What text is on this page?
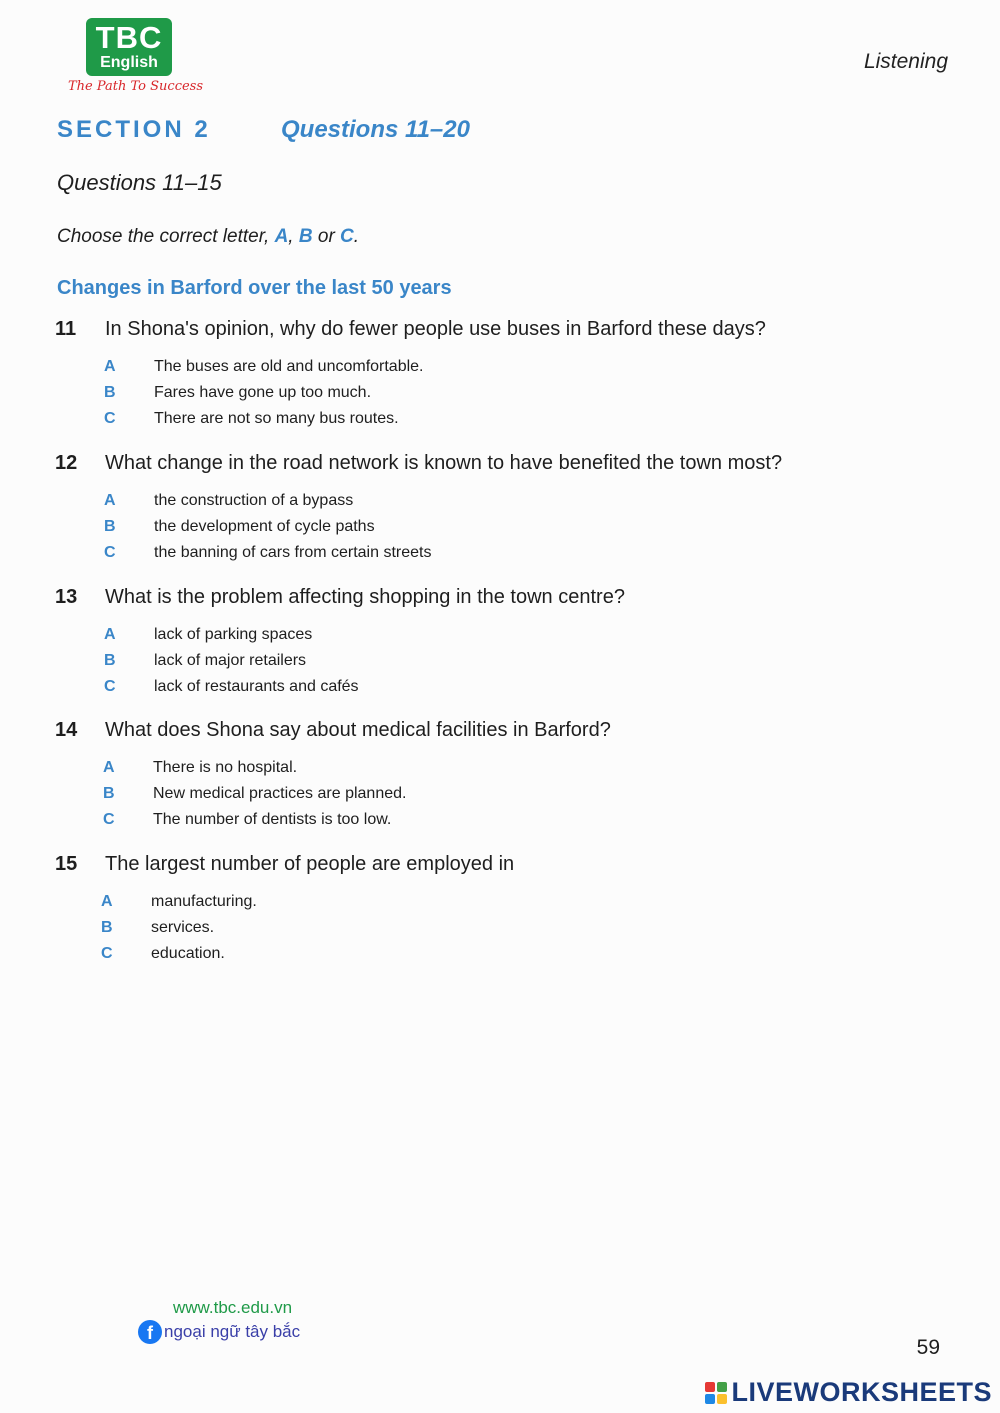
TBC
English
The Path To Success
Listening
SECTION 2	Questions 11–20
Questions 11–15
Choose the correct letter, A, B or C.
Changes in Barford over the last 50 years
11 In Shona's opinion, why do fewer people use buses in Barford these days?
A The buses are old and uncomfortable.
B Fares have gone up too much.
C There are not so many bus routes.
12 What change in the road network is known to have benefited the town most?
A the construction of a bypass
B the development of cycle paths
C the banning of cars from certain streets
13 What is the problem affecting shopping in the town centre?
A lack of parking spaces
B lack of major retailers
C lack of restaurants and cafés
14 What does Shona say about medical facilities in Barford?
A There is no hospital.
B New medical practices are planned.
C The number of dentists is too low.
15 The largest number of people are employed in
A manufacturing.
B services.
C education.
www.tbc.edu.vn
f ngoại ngữ tây bắc
59
LIVEWORKSHEETS
